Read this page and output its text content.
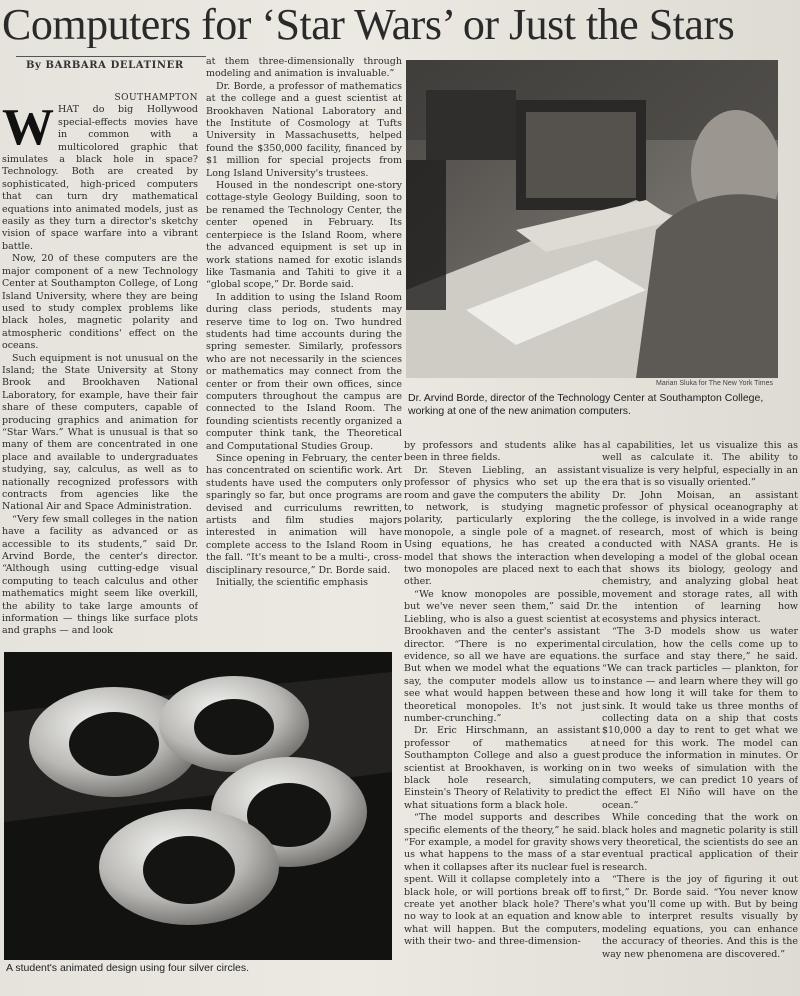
Computers for ‘Star Wars’ or Just the Stars
By BARBARA DELATINER
SOUTHAMPTON
W HAT do big Hollywood special-effects movies have in common with a multicolored graphic that simulates a black hole in space? Technology. Both are created by sophisticated, high-priced computers that can turn dry mathematical equations into animated models, just as easily as they turn a director's sketchy vision of space warfare into a vibrant battle.

Now, 20 of these computers are the major component of a new Technology Center at Southampton College, of Long Island University, where they are being used to study complex problems like black holes, magnetic polarity and atmospheric conditions' effect on the oceans.

Such equipment is not unusual on the Island; the State University at Stony Brook and Brookhaven National Laboratory, for example, have their fair share of these computers, capable of producing graphics and animation for “Star Wars.” What is unusual is that so many of them are concentrated in one place and available to undergraduates studying, say, calculus, as well as to nationally recognized professors with contracts from agencies like the National Air and Space Administration.

“Very few small colleges in the nation have a facility as advanced or as accessible to its students,” said Dr. Arvind Borde, the center's director. “Although using cutting-edge visual computing to teach calculus and other mathematics might seem like overkill, the ability to take large amounts of information — things like surface plots and graphs — and look

at them three-dimensionally through modeling and animation is invaluable.”

Dr. Borde, a professor of mathematics at the college and a guest scientist at Brookhaven National Laboratory and the Institute of Cosmology at Tufts University in Massachusetts, helped found the $350,000 facility, financed by $1 million for special projects from Long Island University's trustees.

Housed in the nondescript one-story cottage-style Geology Building, soon to be renamed the Technology Center, the center opened in February. Its centerpiece is the Island Room, where the advanced equipment is set up in work stations named for exotic islands like Tasmania and Tahiti to give it a “global scope,” Dr. Borde said.

In addition to using the Island Room during class periods, students may reserve time to log on. Two hundred students had time accounts during the spring semester. Similarly, professors who are not necessarily in the sciences or mathematics may connect from the center or from their own offices, since computers throughout the campus are connected to the Island Room. The founding scientists recently organized a computer think tank, the Theoretical and Computational Studies Group.

Since opening in February, the center has concentrated on scientific work. Art students have used the computers only sparingly so far, but once programs are devised and curriculums rewritten, artists and film studies majors interested in animation will have complete access to the Island Room in the fall. “It's meant to be a multi-, cross-disciplinary resource,” Dr. Borde said.

Initially, the scientific emphasis

Marian Sluka for The New York Times
Dr. Arvind Borde, director of the Technology Center at Southampton College, working at one of the new animation computers.

by professors and students alike has been in three fields.

Dr. Steven Liebling, an assistant professor of physics who set up the room and gave the computers the ability to network, is studying magnetic polarity, particularly exploring the monopole, a single pole of a magnet. Using equations, he has created a model that shows the interaction when two monopoles are placed next to each other.

“We know monopoles are possible, but we've never seen them,” said Dr. Liebling, who is also a guest scientist at Brookhaven and the center's assistant director. “There is no experimental evidence, so all we have are equations. But when we model what the equations say, the computer models allow us to see what would happen between these theoretical monopoles. It's not just number-crunching.”

Dr. Eric Hirschmann, an assistant professor of mathematics at Southampton College and also a guest scientist at Brookhaven, is working on black hole research, simulating Einstein's Theory of Relativity to predict what situations form a black hole.

“The model supports and describes specific elements of the theory,” he said. “For example, a model for gravity shows us what happens to the mass of a star when it collapses after its nuclear fuel is spent. Will it collapse completely into a black hole, or will portions break off to create yet another black hole? There's no way to look at an equation and know what will happen. But the computers, with their two- and three-dimension-

al capabilities, let us visualize this as well as calculate it. The ability to visualize is very helpful, especially in an era that is so visually oriented.”

Dr. John Moisan, an assistant professor of physical oceanography at the college, is involved in a wide range of research, most of which is being conducted with NASA grants. He is developing a model of the global ocean that shows its biology, geology and chemistry, and analyzing global heat movement and storage rates, all with the intention of learning how ecosystems and physics interact.

“The 3-D models show us water circulation, how the cells come up to the surface and stay there,” he said. “We can track particles — plankton, for instance — and learn where they will go and how long it will take for them to sink. It would take us three months of collecting data on a ship that costs $10,000 a day to rent to get what we need for this work. The model can produce the information in minutes. Or in two weeks of simulation with the computers, we can predict 10 years of the effect El Niño will have on the ocean.”

While conceding that the work on black holes and magnetic polarity is still very theoretical, the scientists do see an eventual practical application of their research.

“There is the joy of figuring it out first,” Dr. Borde said. “You never know what you'll come up with. But by being able to interpret results visually by modeling equations, you can enhance the accuracy of theories. And this is the way new phenomena are discovered.”

A student's animated design using four silver circles.
